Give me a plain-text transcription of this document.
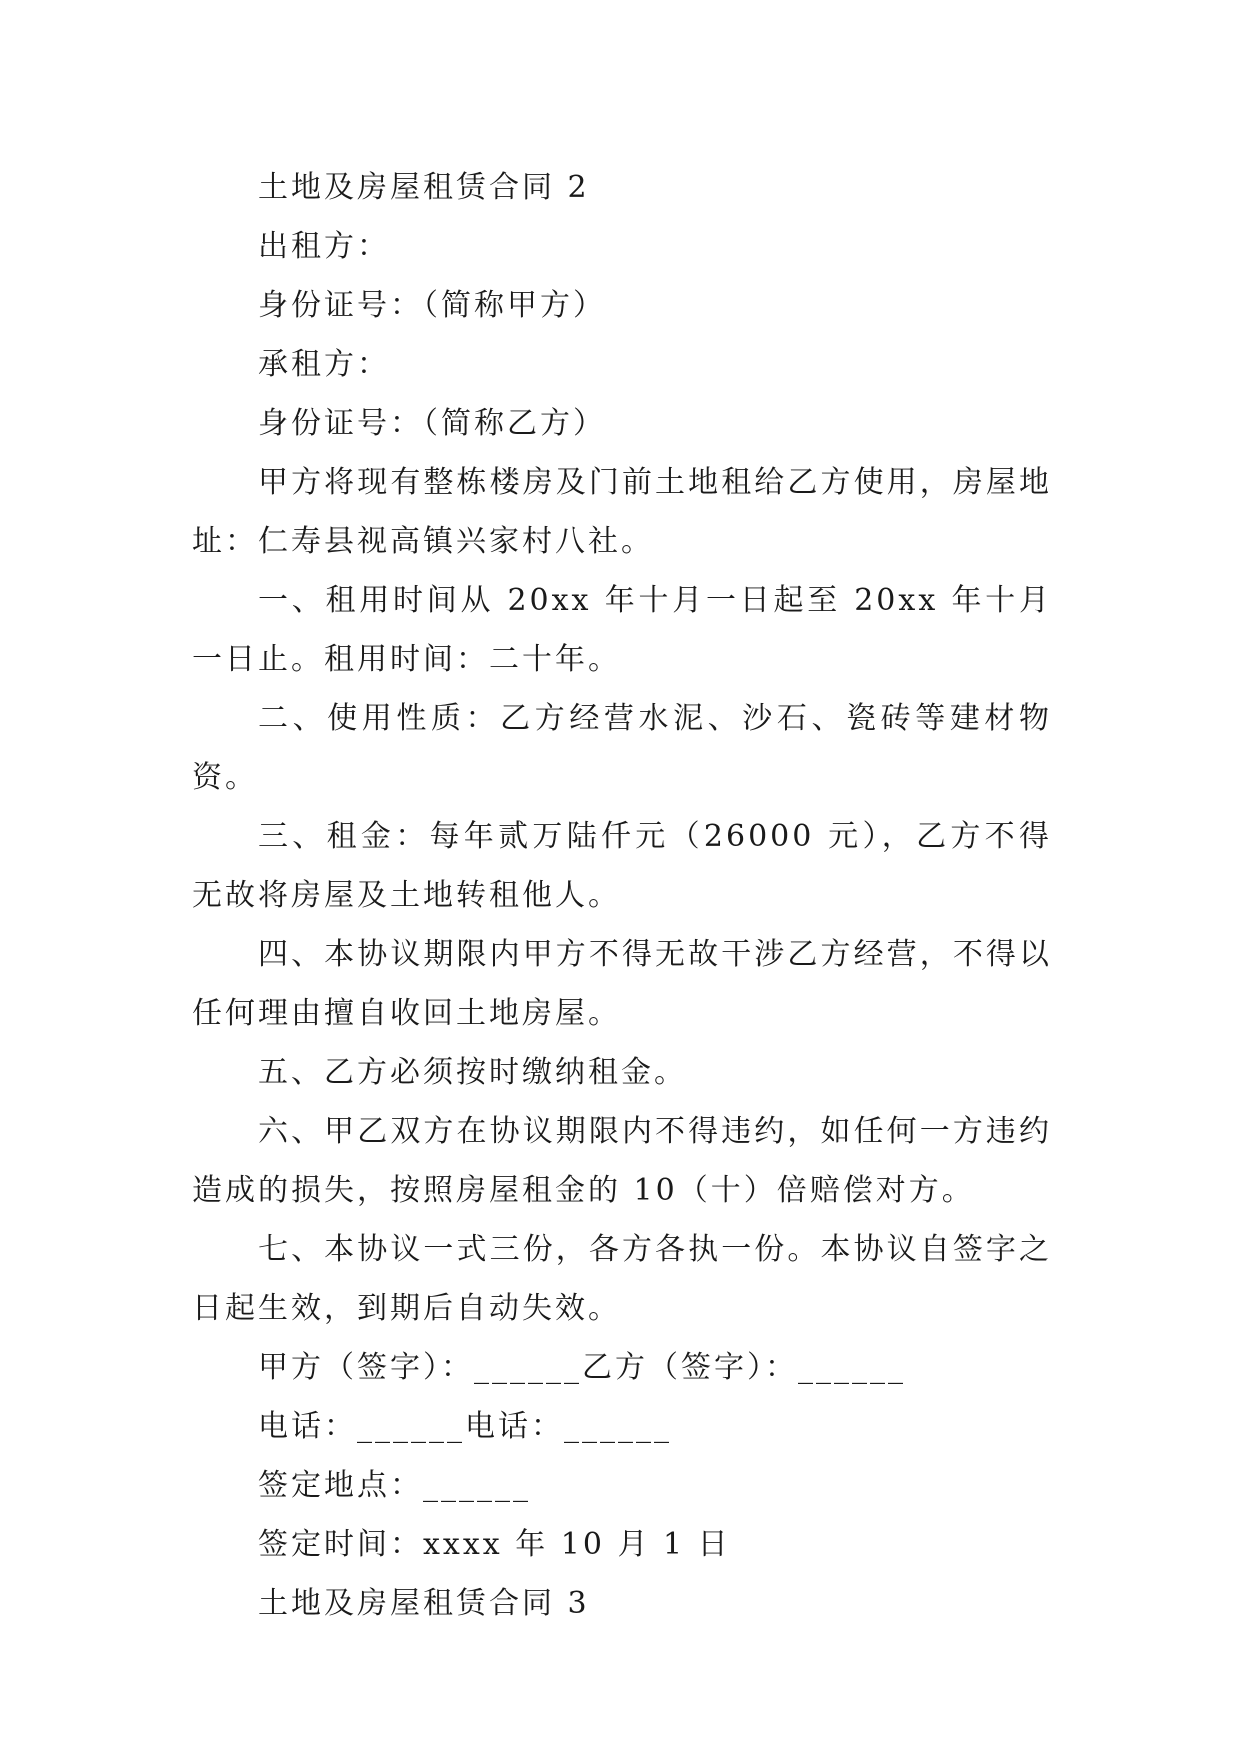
土地及房屋租赁合同 2

出租方：

身份证号：（简称甲方）

承租方：

身份证号：（简称乙方）

甲方将现有整栋楼房及门前土地租给乙方使用，房屋地址：仁寿县视高镇兴家村八社。

一、租用时间从 20xx 年十月一日起至 20xx 年十月一日止。租用时间：二十年。

二、使用性质：乙方经营水泥、沙石、瓷砖等建材物资。

三、租金：每年贰万陆仟元（26000 元），乙方不得无故将房屋及土地转租他人。

四、本协议期限内甲方不得无故干涉乙方经营，不得以任何理由擅自收回土地房屋。

五、乙方必须按时缴纳租金。

六、甲乙双方在协议期限内不得违约，如任何一方违约造成的损失，按照房屋租金的 10（十）倍赔偿对方。

七、本协议一式三份，各方各执一份。本协议自签字之日起生效，到期后自动失效。

甲方（签字）：______乙方（签字）：______

电话：______电话：______

签定地点：______

签定时间：xxxx 年 10 月 1 日

土地及房屋租赁合同 3
